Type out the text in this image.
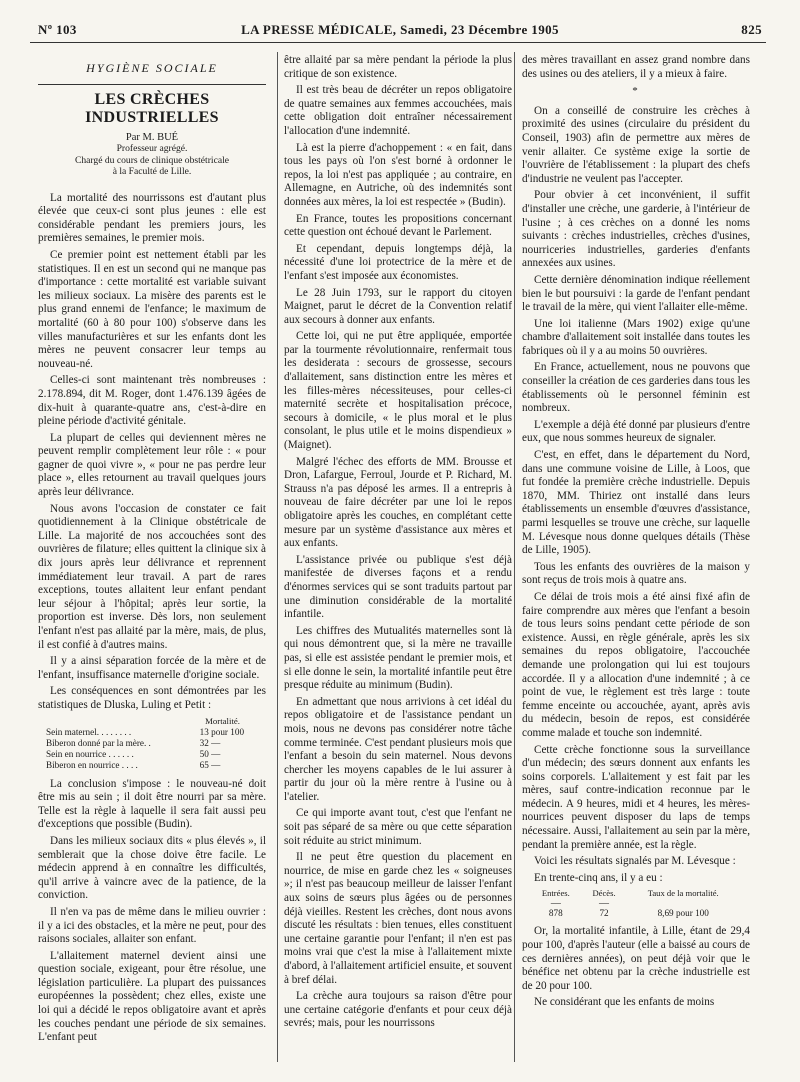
Nº 103	LA PRESSE MÉDICALE, Samedi, 23 Décembre 1905	825
HYGIÈNE SOCIALE
LES CRÈCHES INDUSTRIELLES
Par M. BUÉ
Professeur agrégé.
Chargé du cours de clinique obstétricale
à la Faculté de Lille.

La mortalité des nourrissons est d'autant plus élevée que ceux-ci sont plus jeunes : elle est considérable pendant les premiers jours, les premières semaines, le premier mois.

Ce premier point est nettement établi par les statistiques. Il en est un second qui ne manque pas d'importance : cette mortalité est variable suivant les milieux sociaux. La misère des parents est le plus grand ennemi de l'enfance; le maximum de mortalité (60 à 80 pour 100) s'observe dans les villes manufacturières et sur les enfants dont les mères ne peuvent consacrer leur temps au nouveau-né.

Celles-ci sont maintenant très nombreuses : 2.178.894, dit M. Roger, dont 1.476.139 âgées de dix-huit à quarante-quatre ans, c'est-à-dire en pleine période d'activité génitale.

La plupart de celles qui deviennent mères ne peuvent remplir complètement leur rôle : « pour gagner de quoi vivre », « pour ne pas perdre leur place », elles retournent au travail quelques jours après leur délivrance.

Nous avons l'occasion de constater ce fait quotidiennement à la Clinique obstétricale de Lille. La majorité de nos accouchées sont des ouvrières de filature; elles quittent la clinique six à dix jours après leur délivrance et reprennent immédiatement leur travail. A part de rares exceptions, toutes allaitent leur enfant pendant leur séjour à l'hôpital; après leur sortie, la proportion est inverse. Dès lors, non seulement l'enfant n'est pas allaité par la mère, mais, de plus, il est confié à d'autres mains.

Il y a ainsi séparation forcée de la mère et de l'enfant, insuffisance maternelle d'origine sociale.

Les conséquences en sont démontrées par les statistiques de Dluska, Luling et Petit :

Mortalité.	
Sein maternel. . . . . . . .	13 pour 100
Biberon donné par la mère. .	32 —
Sein en nourrice . . . . . .	50 —
Biberon en nourrice . . . .	65 —

La conclusion s'impose : le nouveau-né doit être mis au sein ; il doit être nourri par sa mère. Telle est la règle à laquelle il sera fait aussi peu d'exceptions que possible (Budin).

Dans les milieux sociaux dits « plus élevés », il semblerait que la chose doive être facile. Le médecin apprend à en connaître les difficultés, qu'il arrive à vaincre avec de la patience, de la conviction.

Il n'en va pas de même dans le milieu ouvrier : il y a ici des obstacles, et la mère ne peut, pour des raisons sociales, allaiter son enfant.

L'allaitement maternel devient ainsi une question sociale, exigeant, pour être résolue, une législation particulière. La plupart des puissances européennes la possèdent; chez elles, existe une loi qui a décidé le repos obligatoire avant et après les couches pendant une période de six semaines. L'enfant peut

être allaité par sa mère pendant la période la plus critique de son existence.

Il est très beau de décréter un repos obligatoire de quatre semaines aux femmes accouchées, mais cette obligation doit entraîner nécessairement l'allocation d'une indemnité.

Là est la pierre d'achoppement : « en fait, dans tous les pays où l'on s'est borné à ordonner le repos, la loi n'est pas appliquée ; au contraire, en Allemagne, en Autriche, où des indemnités sont données aux mères, la loi est respectée » (Budin).

En France, toutes les propositions concernant cette question ont échoué devant le Parlement.

Et cependant, depuis longtemps déjà, la nécessité d'une loi protectrice de la mère et de l'enfant s'est imposée aux économistes.

Le 28 Juin 1793, sur le rapport du citoyen Maignet, parut le décret de la Convention relatif aux secours à donner aux enfants.

Cette loi, qui ne put être appliquée, emportée par la tourmente révolutionnaire, renfermait tous les desiderata : secours de grossesse, secours d'allaitement, sans distinction entre les mères et les filles-mères nécessiteuses, pour celles-ci maternité secrète et hospitalisation précoce, secours à domicile, « le plus moral et le plus consolant, le plus utile et le moins dispendieux » (Maignet).

Malgré l'échec des efforts de MM. Brousse et Dron, Lafargue, Ferroul, Jourde et P. Richard, M. Strauss n'a pas déposé les armes. Il a entrepris à nouveau de faire décréter par une loi le repos obligatoire après les couches, en complétant cette mesure par un système d'assistance aux mères et aux enfants.

L'assistance privée ou publique s'est déjà manifestée de diverses façons et a rendu d'énormes services qui se sont traduits partout par une diminution considérable de la mortalité infantile.

Les chiffres des Mutualités maternelles sont là qui nous démontrent que, si la mère ne travaille pas, si elle est assistée pendant le premier mois, et si elle donne le sein, la mortalité infantile peut être presque réduite au minimum (Budin).

En admettant que nous arrivions à cet idéal du repos obligatoire et de l'assistance pendant un mois, nous ne devons pas considérer notre tâche comme terminée. C'est pendant plusieurs mois que l'enfant a besoin du sein maternel. Nous devons chercher les moyens capables de le lui assurer à partir du jour où la mère rentre à l'usine ou à l'atelier.

Ce qui importe avant tout, c'est que l'enfant ne soit pas séparé de sa mère ou que cette séparation soit réduite au strict minimum.

Il ne peut être question du placement en nourrice, de mise en garde chez les « soigneuses »; il n'est pas beaucoup meilleur de laisser l'enfant aux soins de sœurs plus âgées ou de personnes déjà vieilles. Restent les crèches, dont nous avons discuté les résultats : bien tenues, elles constituent une certaine garantie pour l'enfant; il n'en est pas moins vrai que c'est la mise à l'allaitement mixte d'abord, à l'allaitement artificiel ensuite, et souvent à bref délai.

La crèche aura toujours sa raison d'être pour une certaine catégorie d'enfants et pour ceux déjà sevrés; mais, pour les nourrissons

des mères travaillant en assez grand nombre dans des usines ou des ateliers, il y a mieux à faire.

*

On a conseillé de construire les crèches à proximité des usines (circulaire du président du Conseil, 1903) afin de permettre aux mères de venir allaiter. Ce système exige la sortie de l'ouvrière de l'établissement : la plupart des chefs d'industrie ne veulent pas l'accepter.

Pour obvier à cet inconvénient, il suffit d'installer une crèche, une garderie, à l'intérieur de l'usine ; à ces crèches on a donné les noms suivants : crèches industrielles, crèches d'usines, nourriceries industrielles, garderies d'enfants annexées aux usines.

Cette dernière dénomination indique réellement bien le but poursuivi : la garde de l'enfant pendant le travail de la mère, qui vient l'allaiter elle-même.

Une loi italienne (Mars 1902) exige qu'une chambre d'allaitement soit installée dans toutes les fabriques où il y a au moins 50 ouvrières.

En France, actuellement, nous ne pouvons que conseiller la création de ces garderies dans tous les établissements où le personnel féminin est nombreux.

L'exemple a déjà été donné par plusieurs d'entre eux, que nous sommes heureux de signaler.

C'est, en effet, dans le département du Nord, dans une commune voisine de Lille, à Loos, que fut fondée la première crèche industrielle. Depuis 1870, MM. Thiriez ont installé dans leurs établissements un ensemble d'œuvres d'assistance, parmi lesquelles se trouve une crèche, sur laquelle M. Lévesque nous donne quelques détails (Thèse de Lille, 1905).

Tous les enfants des ouvrières de la maison y sont reçus de trois mois à quatre ans.

Ce délai de trois mois a été ainsi fixé afin de faire comprendre aux mères que l'enfant a besoin de tous leurs soins pendant cette période de son existence. Aussi, en règle générale, après les six semaines du repos obligatoire, l'accouchée demande une prolongation qui lui est toujours accordée. Il y a allocation d'une indemnité ; à ce point de vue, le règlement est très large : toute femme enceinte ou accouchée, ayant, après avis du médecin, besoin de repos, est considérée comme malade et touche son indemnité.

Cette crèche fonctionne sous la surveillance d'un médecin; des sœurs donnent aux enfants les soins corporels. L'allaitement y est fait par les mères, sauf contre-indication reconnue par le médecin. A 9 heures, midi et 4 heures, les mères-nourrices peuvent disposer du laps de temps nécessaire. Aussi, l'allaitement au sein par la mère, pendant la première année, est la règle.

Voici les résultats signalés par M. Lévesque :

En trente-cinq ans, il y a eu :

Entrées.	Décès.	Taux de la mortalité.
—	—	
878	72	8,69 pour 100

Or, la mortalité infantile, à Lille, étant de 29,4 pour 100, d'après l'auteur (elle a baissé au cours de ces dernières années), on peut déjà voir que le bénéfice net obtenu par la crèche industrielle est de 20 pour 100.

Ne considérant que les enfants de moins
